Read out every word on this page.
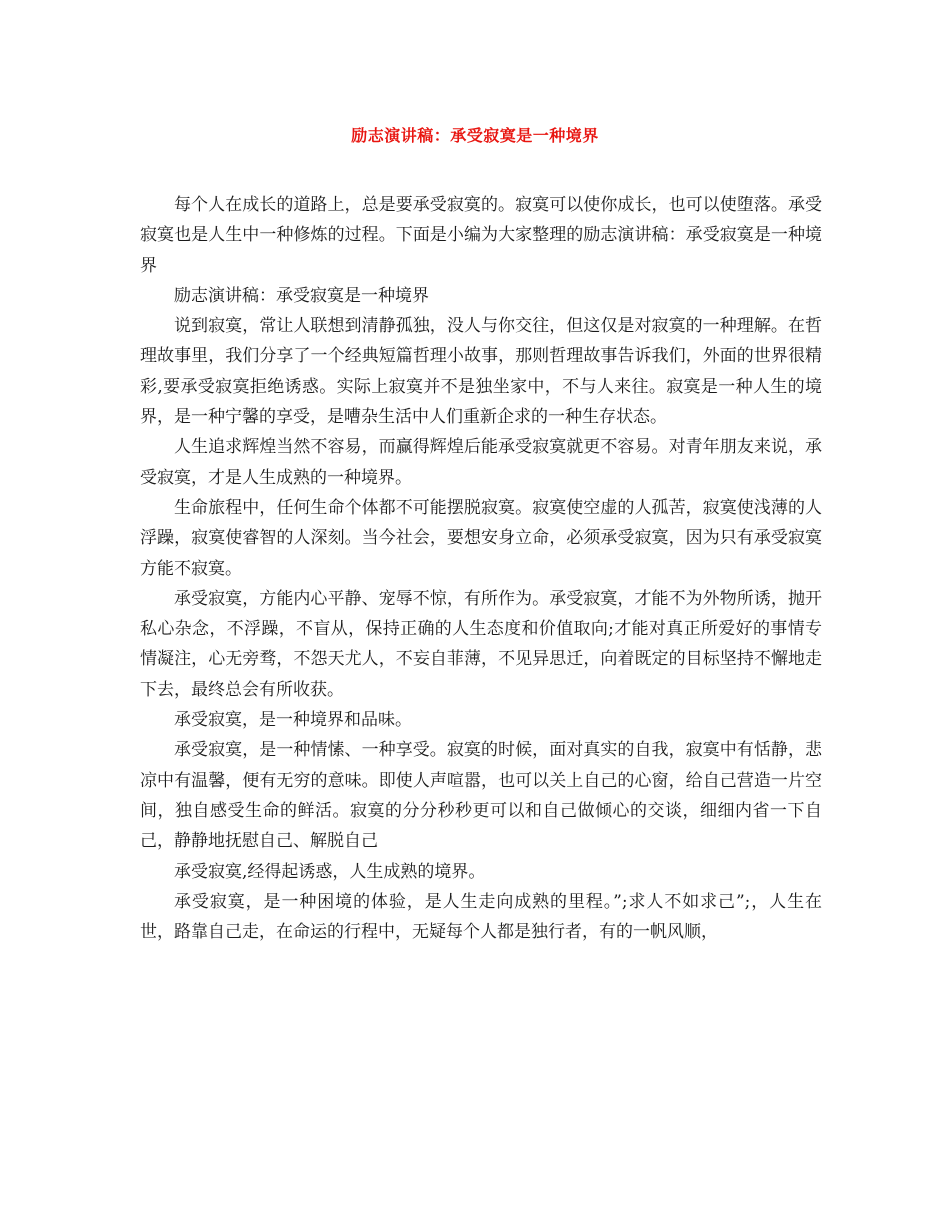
励志演讲稿：承受寂寞是一种境界

每个人在成长的道路上，总是要承受寂寞的。寂寞可以使你成长，也可以使堕落。承受寂寞也是人生中一种修炼的过程。下面是小编为大家整理的励志演讲稿：承受寂寞是一种境界

励志演讲稿：承受寂寞是一种境界

说到寂寞，常让人联想到清静孤独，没人与你交往，但这仅是对寂寞的一种理解。在哲理故事里，我们分享了一个经典短篇哲理小故事，那则哲理故事告诉我们，外面的世界很精彩,要承受寂寞拒绝诱惑。实际上寂寞并不是独坐家中，不与人来往。寂寞是一种人生的境界，是一种宁馨的享受，是嘈杂生活中人们重新企求的一种生存状态。

人生追求辉煌当然不容易，而赢得辉煌后能承受寂寞就更不容易。对青年朋友来说，承受寂寞，才是人生成熟的一种境界。

生命旅程中，任何生命个体都不可能摆脱寂寞。寂寞使空虚的人孤苦，寂寞使浅薄的人浮躁，寂寞使睿智的人深刻。当今社会，要想安身立命，必须承受寂寞，因为只有承受寂寞方能不寂寞。

承受寂寞，方能内心平静、宠辱不惊，有所作为。承受寂寞，才能不为外物所诱，抛开私心杂念，不浮躁，不盲从，保持正确的人生态度和价值取向;才能对真正所爱好的事情专情凝注，心无旁骛，不怨天尤人，不妄自菲薄，不见异思迁，向着既定的目标坚持不懈地走下去，最终总会有所收获。

承受寂寞，是一种境界和品味。

承受寂寞，是一种情愫、一种享受。寂寞的时候，面对真实的自我，寂寞中有恬静，悲凉中有温馨，便有无穷的意味。即使人声喧嚣，也可以关上自己的心窗，给自己营造一片空间，独自感受生命的鲜活。寂寞的分分秒秒更可以和自己做倾心的交谈，细细内省一下自己，静静地抚慰自己、解脱自己

承受寂寞,经得起诱惑，人生成熟的境界。

承受寂寞，是一种困境的体验，是人生走向成熟的里程。”;求人不如求己”;，人生在世，路靠自己走，在命运的行程中，无疑每个人都是独行者，有的一帆风顺，
